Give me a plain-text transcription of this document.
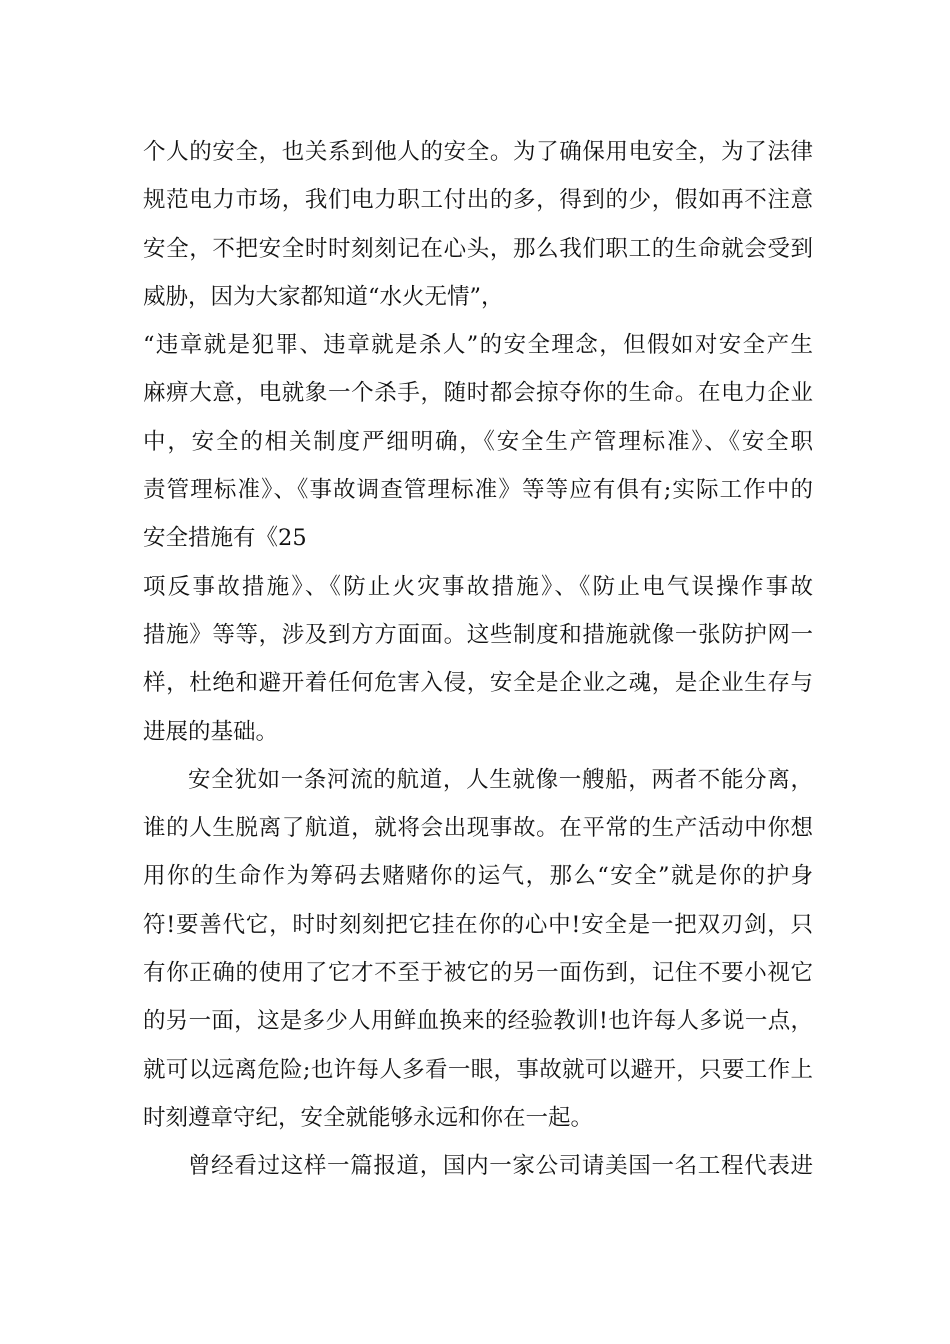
个人的安全，也关系到他人的安全。为了确保用电安全，为了法律
规范电力市场，我们电力职工付出的多，得到的少，假如再不注意
安全，不把安全时时刻刻记在心头，那么我们职工的生命就会受到
威胁，因为大家都知道“水火无情”，
“违章就是犯罪、违章就是杀人”的安全理念，但假如对安全产生
麻痹大意，电就象一个杀手，随时都会掠夺你的生命。在电力企业
中，安全的相关制度严细明确，《安全生产管理标准》、《安全职
责管理标准》、《事故调查管理标准》等等应有俱有;实际工作中的
安全措施有《25
项反事故措施》、《防止火灾事故措施》、《防止电气误操作事故
措施》等等，涉及到方方面面。这些制度和措施就像一张防护网一
样，杜绝和避开着任何危害入侵，安全是企业之魂，是企业生存与
进展的基础。
安全犹如一条河流的航道，人生就像一艘船，两者不能分离，
谁的人生脱离了航道，就将会出现事故。在平常的生产活动中你想
用你的生命作为筹码去赌赌你的运气，那么“安全”就是你的护身
符!要善代它，时时刻刻把它挂在你的心中!安全是一把双刃剑，只
有你正确的使用了它才不至于被它的另一面伤到，记住不要小视它
的另一面，这是多少人用鲜血换来的经验教训!也许每人多说一点，
就可以远离危险;也许每人多看一眼，事故就可以避开，只要工作上
时刻遵章守纪，安全就能够永远和你在一起。
曾经看过这样一篇报道，国内一家公司请美国一名工程代表进
